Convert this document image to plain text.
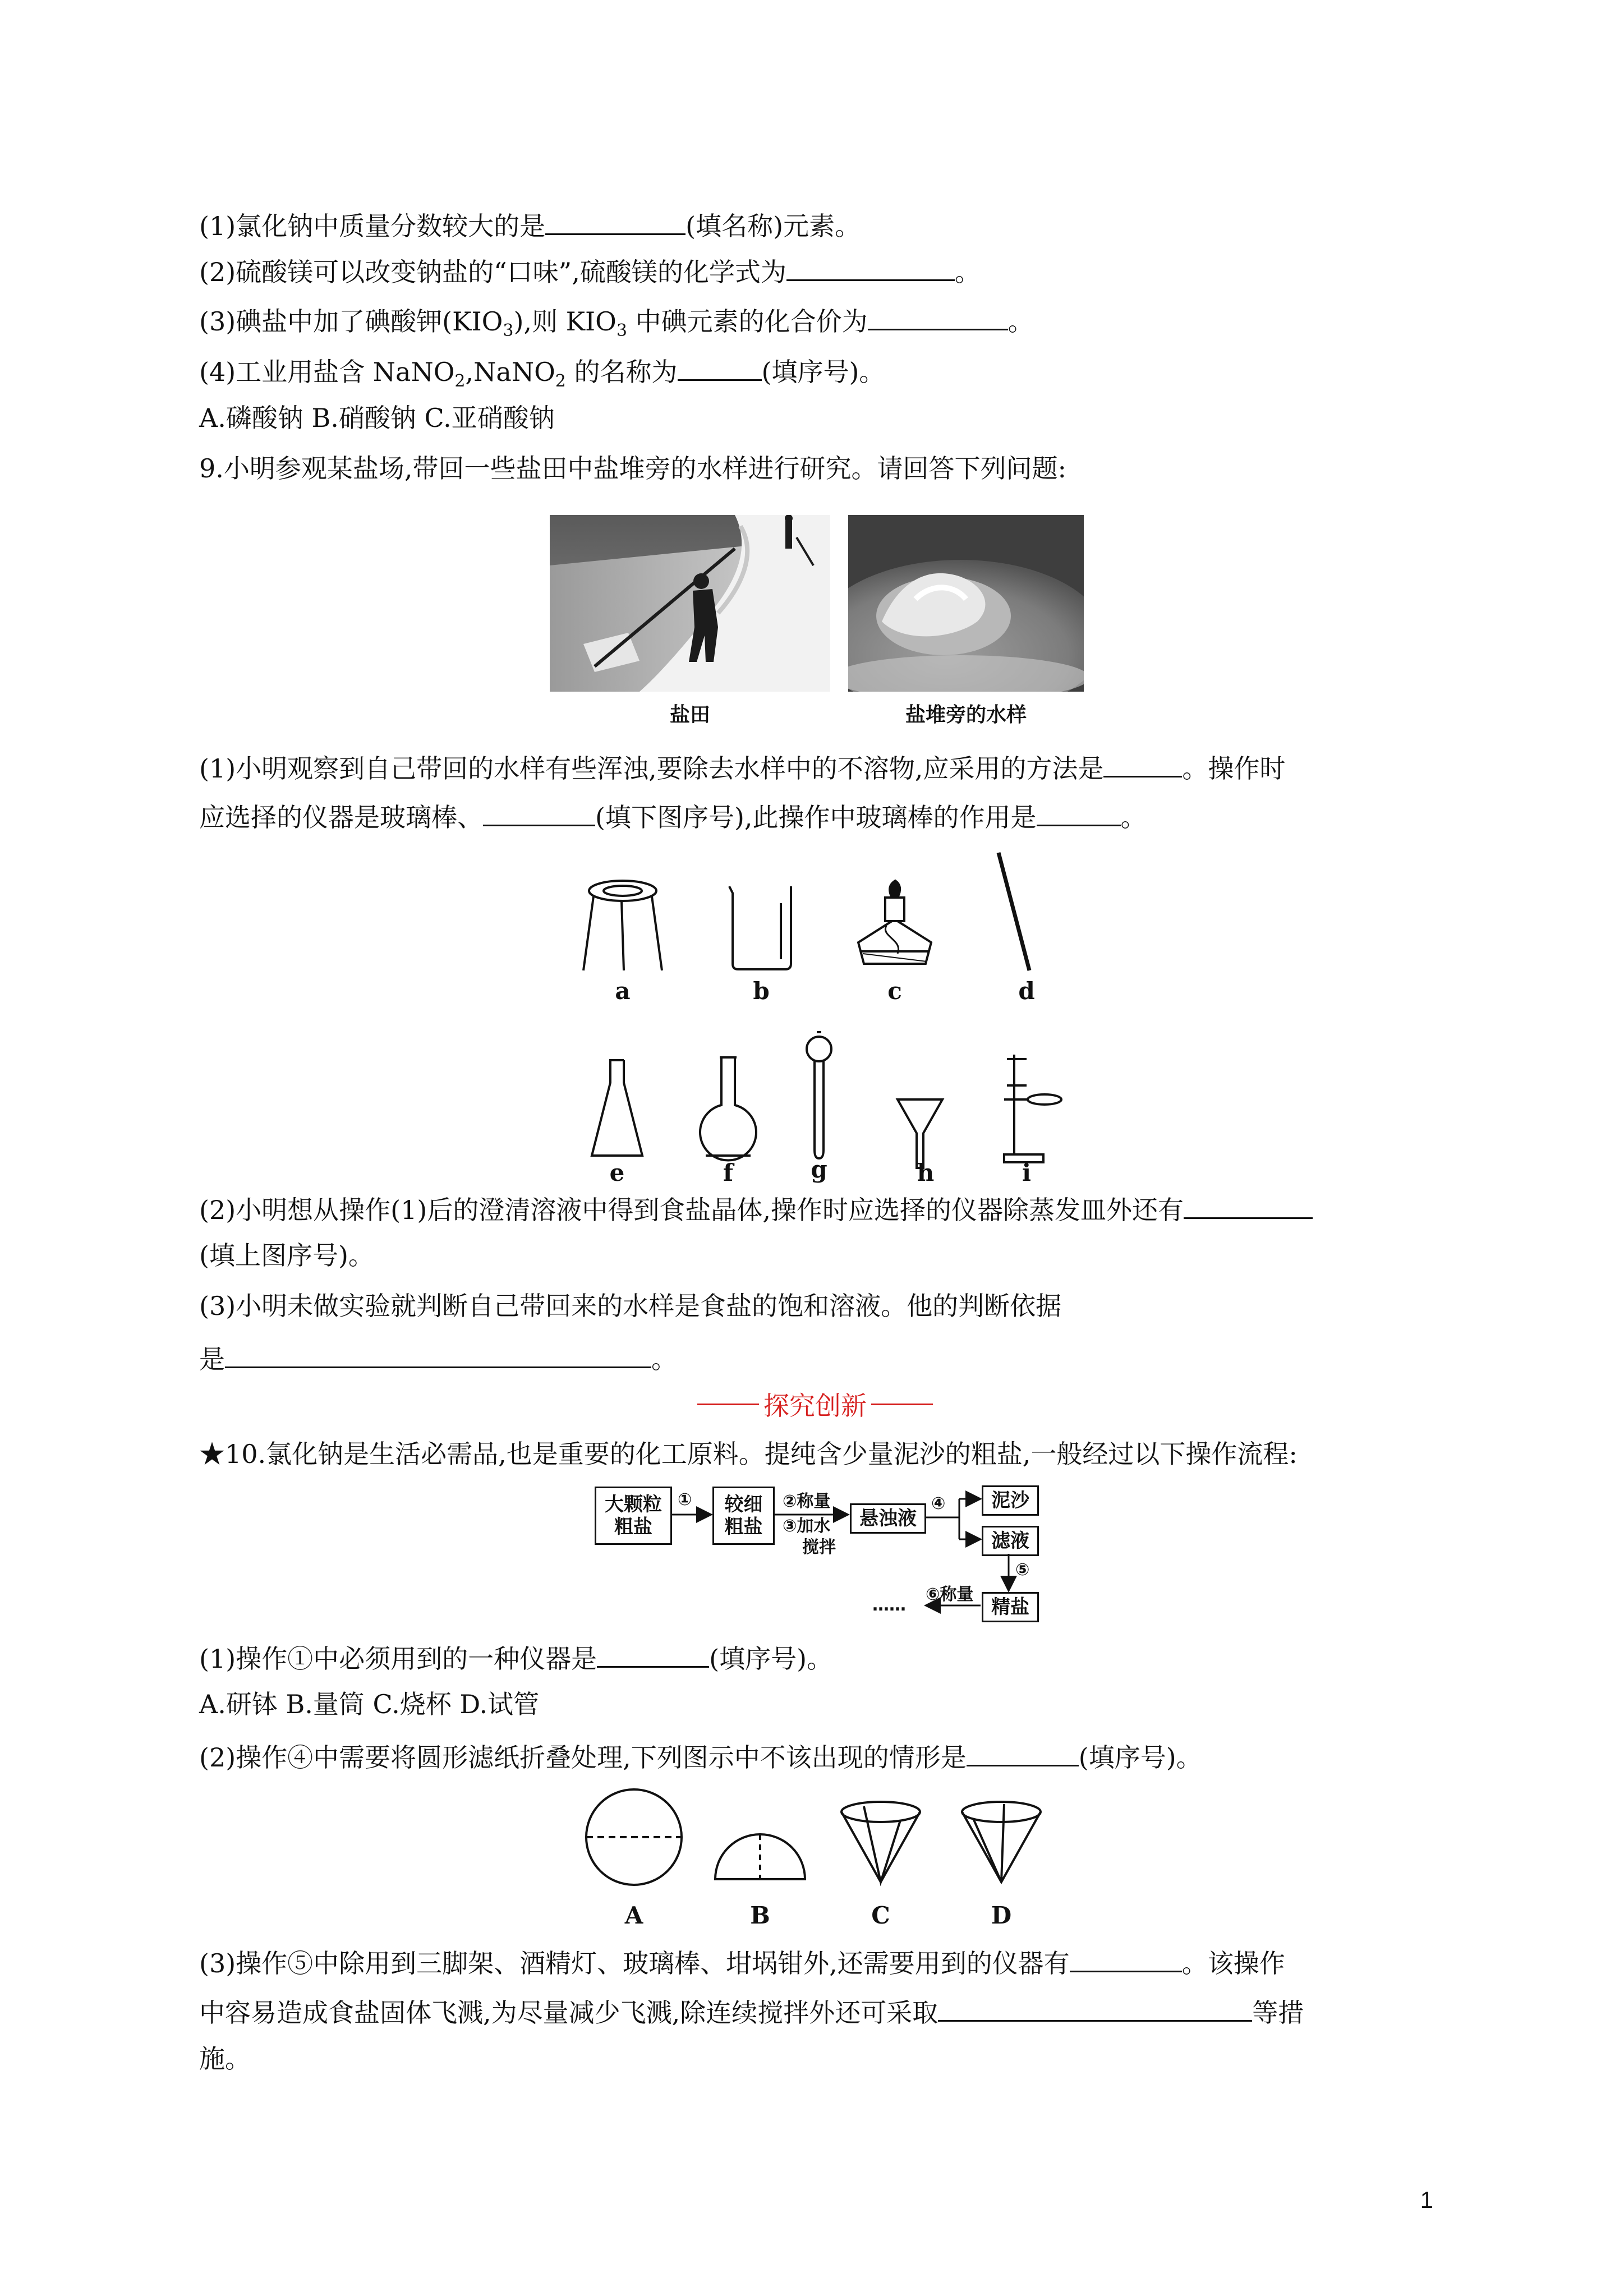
(1)氯化钠中质量分数较大的是	(填名称)元素。
(2)硫酸镁可以改变钠盐的“口味”,硫酸镁的化学式为	。
(3)碘盐中加了碘酸钾$(KIO_3)$,则 $KIO_3$ 中碘元素的化合价为	。
(4)工业用盐含 NaNO$_2$,NaNO$_2$ 的名称为	(填序号)。
A.磷酸钠 B.硝酸钠 C.亚硝酸钠
9.小明参观某盐场,带回一些盐田中盐堆旁的水样进行研究。请回答下列问题:
盐田	盐堆旁的水样
(1)小明观察到自己带回的水样有些浑浊,要除去水样中的不溶物,应采用的方法是	。操作时
应选择的仪器是玻璃棒、	(填下图序号),此操作中玻璃棒的作用是	。
a	b	c	d
e	f	g	h	i
(2)小明想从操作(1)后的澄清溶液中得到食盐晶体,操作时应选择的仪器除蒸发皿外还有
(填上图序号)。
(3)小明未做实验就判断自己带回来的水样是食盐的饱和溶液。他的判断依据
是	。
探究创新
★10.氯化钠是生活必需品,也是重要的化工原料。提纯含少量泥沙的粗盐,一般经过以下操作流程:
大颗粒
粗盐
较细
粗盐	悬浊液
泥沙
滤液
精盐
①	②称量
③加水
搅拌
④
⑤
⑥称量
……
(1)操作①中必须用到的一种仪器是	(填序号)。
A.研钵 B.量筒 C.烧杯 D.试管
(2)操作④中需要将圆形滤纸折叠处理,下列图示中不该出现的情形是	(填序号)。
A	B	C	D
(3)操作⑤中除用到三脚架、酒精灯、玻璃棒、坩埚钳外,还需要用到的仪器有	。该操作
中容易造成食盐固体飞溅,为尽量减少飞溅,除连续搅拌外还可采取	等措
施。
1
